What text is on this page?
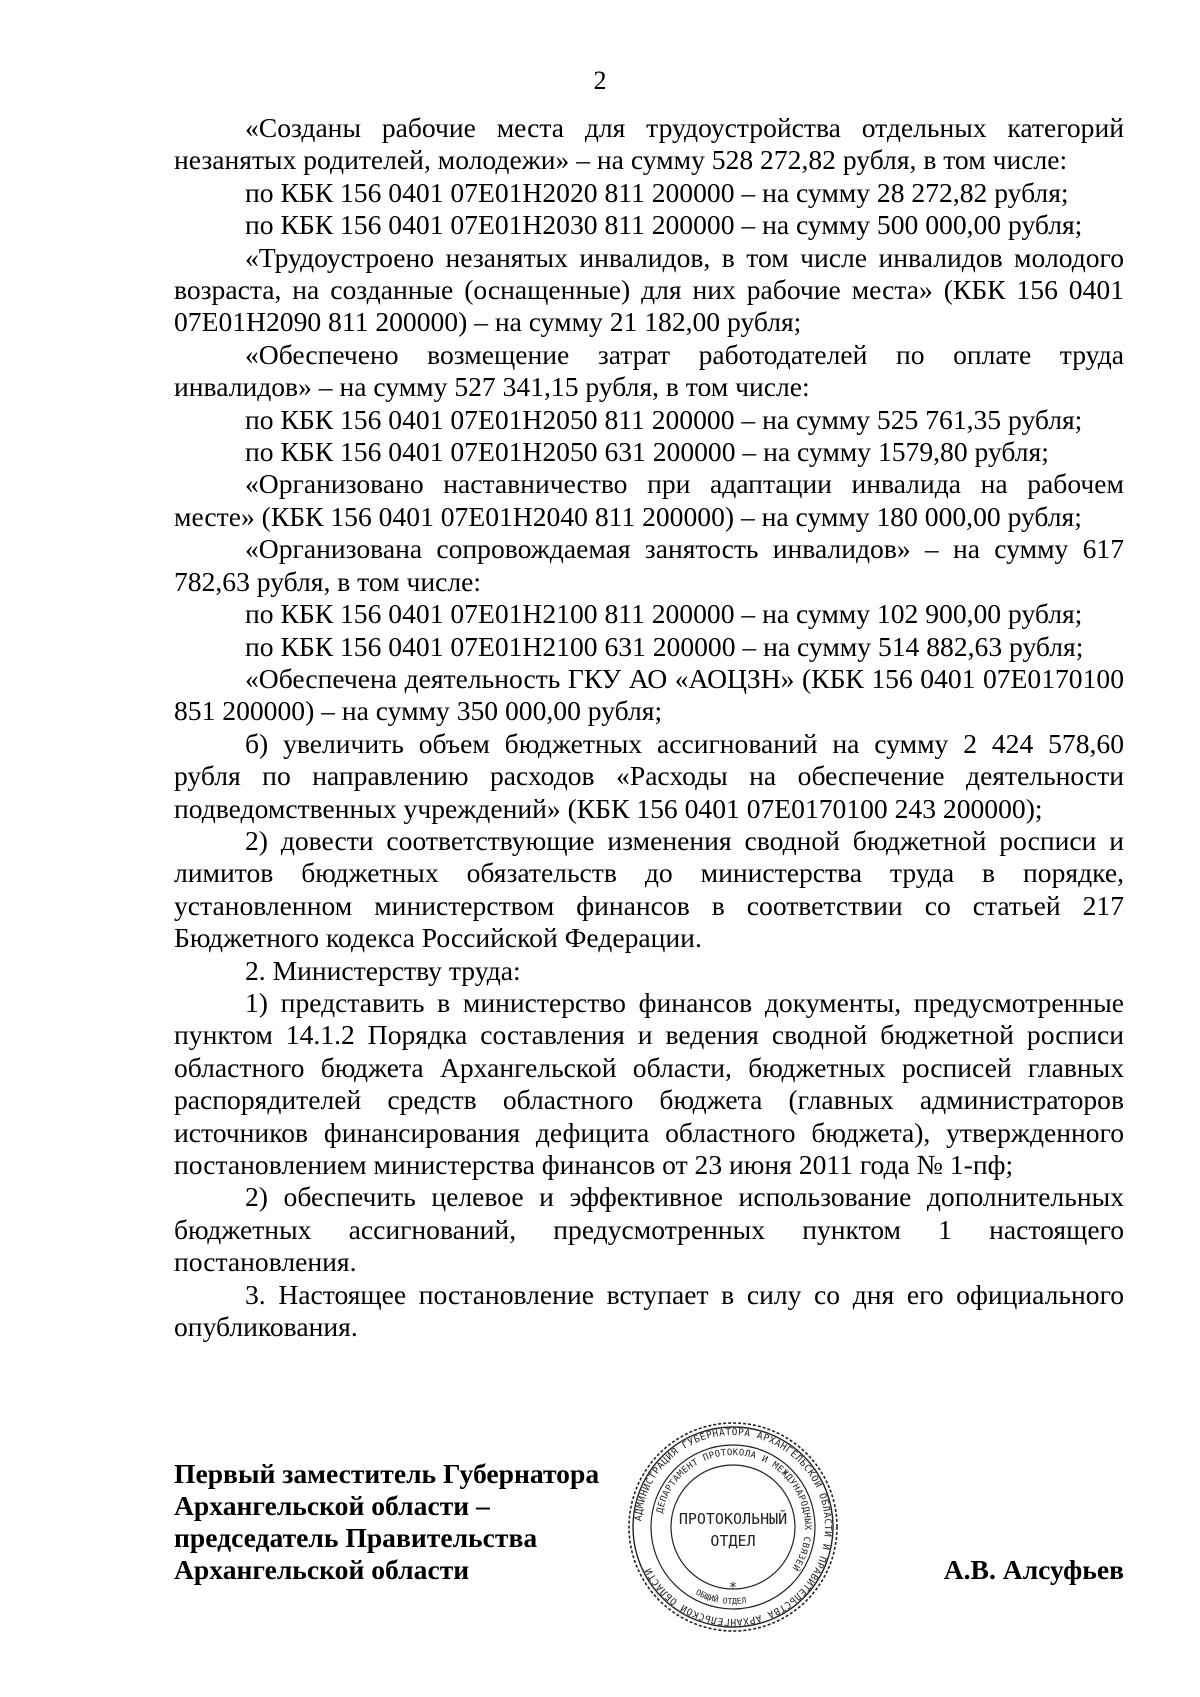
2

«Созданы рабочие места для трудоустройства отдельных категорий незанятых родителей, молодежи» – на сумму 528 272,82 рубля, в том числе:

по КБК 156 0401 07Е01Н2020 811 200000 – на сумму 28 272,82 рубля;

по КБК 156 0401 07Е01Н2030 811 200000 – на сумму 500 000,00 рубля;

«Трудоустроено незанятых инвалидов, в том числе инвалидов молодого возраста, на созданные (оснащенные) для них рабочие места» (КБК 156 0401 07Е01Н2090 811 200000) – на сумму 21 182,00 рубля;

«Обеспечено возмещение затрат работодателей по оплате труда инвалидов» – на сумму 527 341,15 рубля, в том числе:

по КБК 156 0401 07Е01Н2050 811 200000 – на сумму 525 761,35 рубля;

по КБК 156 0401 07Е01Н2050 631 200000 – на сумму 1579,80 рубля;

«Организовано наставничество при адаптации инвалида на рабочем месте» (КБК 156 0401 07Е01Н2040 811 200000) – на сумму 180 000,00 рубля;

«Организована сопровождаемая занятость инвалидов» – на сумму 617 782,63 рубля, в том числе:

по КБК 156 0401 07Е01Н2100 811 200000 – на сумму 102 900,00 рубля;

по КБК 156 0401 07Е01Н2100 631 200000 – на сумму 514 882,63 рубля;

«Обеспечена деятельность ГКУ АО «АОЦЗН» (КБК 156 0401 07Е0170100 851 200000) – на сумму 350 000,00 рубля;

б) увеличить объем бюджетных ассигнований на сумму 2 424 578,60 рубля по направлению расходов «Расходы на обеспечение деятельности подведомственных учреждений» (КБК 156 0401 07Е0170100 243 200000);

2) довести соответствующие изменения сводной бюджетной росписи и лимитов бюджетных обязательств до министерства труда в порядке, установленном министерством финансов в соответствии со статьей 217 Бюджетного кодекса Российской Федерации.

2. Министерству труда:

1) представить в министерство финансов документы, предусмотренные пунктом 14.1.2 Порядка составления и ведения сводной бюджетной росписи областного бюджета Архангельской области, бюджетных росписей главных распорядителей средств областного бюджета (главных администраторов источников финансирования дефицита областного бюджета), утвержденного постановлением министерства финансов от 23 июня 2011 года № 1-пф;

2) обеспечить целевое и эффективное использование дополнительных бюджетных ассигнований, предусмотренных пунктом 1 настоящего постановления.

3. Настоящее постановление вступает в силу со дня его официального опубликования.

Первый заместитель Губернатора
Архангельской области –
председатель Правительства
Архангельской области	А.В. Алсуфьев
АДМИНИСТРАЦИЯ ГУБЕРНАТОРА АРХАНГЕЛЬСКОЙ ОБЛАСТИ И ПРАВИТЕЛЬСТВА АРХАНГЕЛЬСКОЙ ОБЛАСТИ
ДЕПАРТАМЕНТ ПРОТОКОЛА И МЕЖДУНАРОДНЫХ СВЯЗЕЙ
ПРОТОКОЛЬНЫЙ
ОТДЕЛ
*
ОБЩИЙ ОТДЕЛ
